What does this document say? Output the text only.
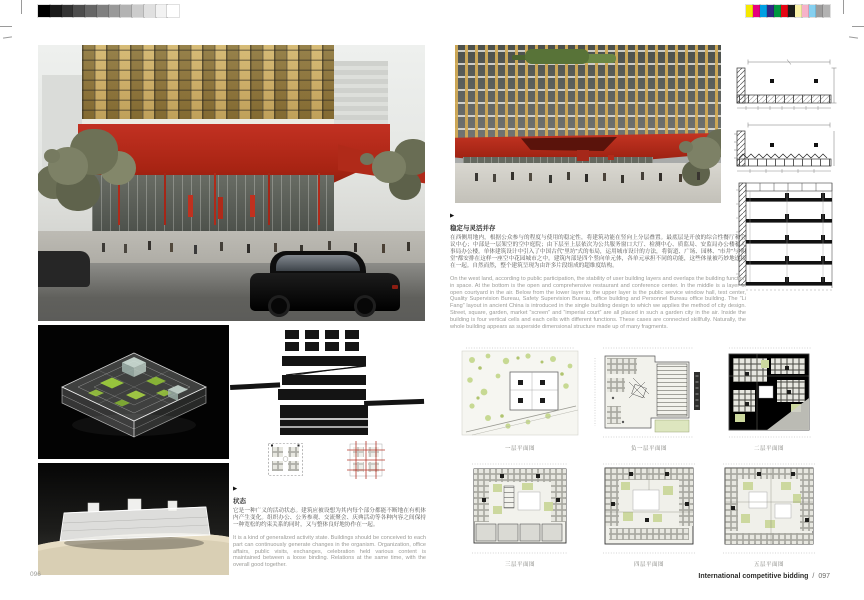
▶
状态

它是一种广义的活动状态。建筑应被设想为其内每个部分都能不断地在有机体内产生变化。组织办公、公务参观、交流聚会、庆典活动等各种内容之间保持一种宽松的约束关系的同时，又与整体良好地协作在一起。

It is a kind of generalized activity state. Buildings should be conceived to each part can continuously generate changes in the organism. Organization, office affairs, public visits, exchanges, celebration held various content is maintained between a loose binding. Relations at the same time, with the overall good together.

096
▶
稳定与灵活并存

在西侧用地内，根据公众参与的程度与使用的稳定性，将建筑功能在竖向上分层叠置。最底层是开放的综合性餐厅和会议中心；中部是一层架空的空中庭院；由下层至上层依次为公共服务窗口大厅、检测中心、质监局、安监局办公楼和人事局办公楼。单体建筑设计中引入了中国古代“里坊”式的布局，运用城市设计的方法，将街道、广场、园林、“市井”与“朝堂”都安排在这样一座空中花园城市之中。建筑内部是四个竖向单元体，各单元承担不同的功能，这些体量被巧妙地连接在一起。自然而然，整个建筑呈现为由许多片段组成的超维度结构。

On the west land, according to public participation, the stability of user building layers and overlaps the building function in space. At the bottom is the open and comprehensive restaurant and conference center. In the middle is a layer of open courtyard in the air. Below from the lower layer to the upper layer is the public service window hall, test center, Quality Supervision Bureau, Safety Supervision Bureau, office building and Personnel Bureau office building. The “Li Fang” layout in ancient China is introduced in the single building design to which we applies the method of city design. Street, square, garden, market “screen” and “imperial court” are all placed in such a garden city in the air. Inside the building is four vertical cells and each cells with different functions. These cases are connected skillfully. Naturally, the whole building appears as superside dimensional structure made up of many fragments.

一层平面图	负一层平面图	二层平面图
三层平面图	四层平面图	五层平面图
International competitive bidding / 097
